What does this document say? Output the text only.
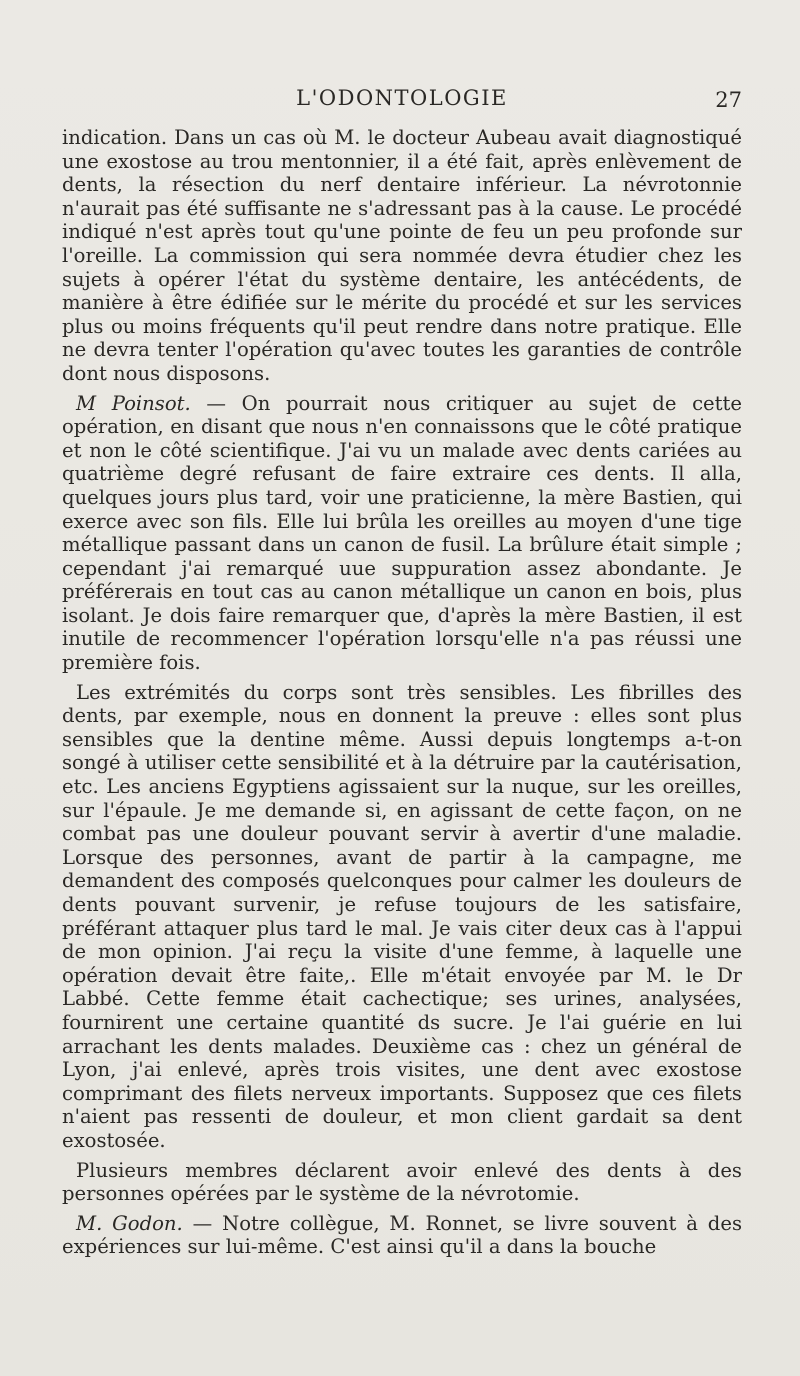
L'ODONTOLOGIE	27

indication. Dans un cas où M. le docteur Aubeau avait diagnostiqué une exostose au trou mentonnier, il a été fait, après enlèvement de dents, la résection du nerf dentaire inférieur. La névrotonnie n'aurait pas été suffisante ne s'adressant pas à la cause. Le procédé indiqué n'est après tout qu'une pointe de feu un peu profonde sur l'oreille. La commission qui sera nommée devra étudier chez les sujets à opérer l'état du système dentaire, les antécédents, de manière à être édifiée sur le mérite du procédé et sur les services plus ou moins fréquents qu'il peut rendre dans notre pratique. Elle ne devra tenter l'opération qu'avec toutes les garanties de contrôle dont nous disposons.

M Poinsot. — On pourrait nous critiquer au sujet de cette opération, en disant que nous n'en connaissons que le côté pratique et non le côté scientifique. J'ai vu un malade avec dents cariées au quatrième degré refusant de faire extraire ces dents. Il alla, quelques jours plus tard, voir une praticienne, la mère Bastien, qui exerce avec son fils. Elle lui brûla les oreilles au moyen d'une tige métallique passant dans un canon de fusil. La brûlure était simple ; cependant j'ai remarqué uue suppuration assez abondante. Je préférerais en tout cas au canon métallique un canon en bois, plus isolant. Je dois faire remarquer que, d'après la mère Bastien, il est inutile de recommencer l'opération lorsqu'elle n'a pas réussi une première fois.

Les extrémités du corps sont très sensibles. Les fibrilles des dents, par exemple, nous en donnent la preuve : elles sont plus sensibles que la dentine même. Aussi depuis longtemps a-t-on songé à utiliser cette sensibilité et à la détruire par la cautérisation, etc. Les anciens Egyptiens agissaient sur la nuque, sur les oreilles, sur l'épaule. Je me demande si, en agissant de cette façon, on ne combat pas une douleur pouvant servir à avertir d'une maladie. Lorsque des personnes, avant de partir à la campagne, me demandent des composés quelconques pour calmer les douleurs de dents pouvant survenir, je refuse toujours de les satisfaire, préférant attaquer plus tard le mal. Je vais citer deux cas à l'appui de mon opinion. J'ai reçu la visite d'une femme, à laquelle une opération devait être faite,. Elle m'était envoyée par M. le Dr Labbé. Cette femme était cachectique; ses urines, analysées, fournirent une certaine quantité ds sucre. Je l'ai guérie en lui arrachant les dents malades. Deuxième cas : chez un général de Lyon, j'ai enlevé, après trois visites, une dent avec exostose comprimant des filets nerveux importants. Supposez que ces filets n'aient pas ressenti de douleur, et mon client gardait sa dent exostosée.

Plusieurs membres déclarent avoir enlevé des dents à des personnes opérées par le système de la névrotomie.

M. Godon. — Notre collègue, M. Ronnet, se livre souvent à des expériences sur lui-même. C'est ainsi qu'il a dans la bouche
